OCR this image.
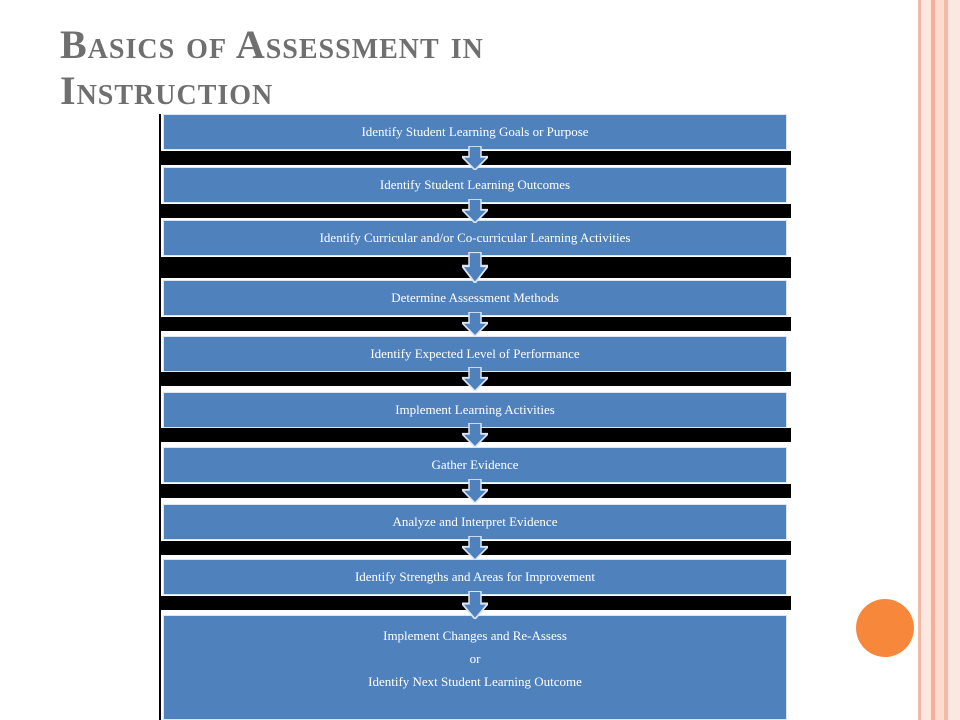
Basics of Assessment in
Instruction
Identify Student Learning Goals or Purpose
Identify Student Learning Outcomes
Identify Curricular and/or Co-curricular Learning Activities
Determine Assessment Methods
Identify Expected Level of Performance
Implement Learning Activities
Gather Evidence
Analyze and Interpret Evidence
Identify Strengths and Areas for Improvement
Implement Changes and Re-Assess
or
Identify Next Student Learning Outcome
